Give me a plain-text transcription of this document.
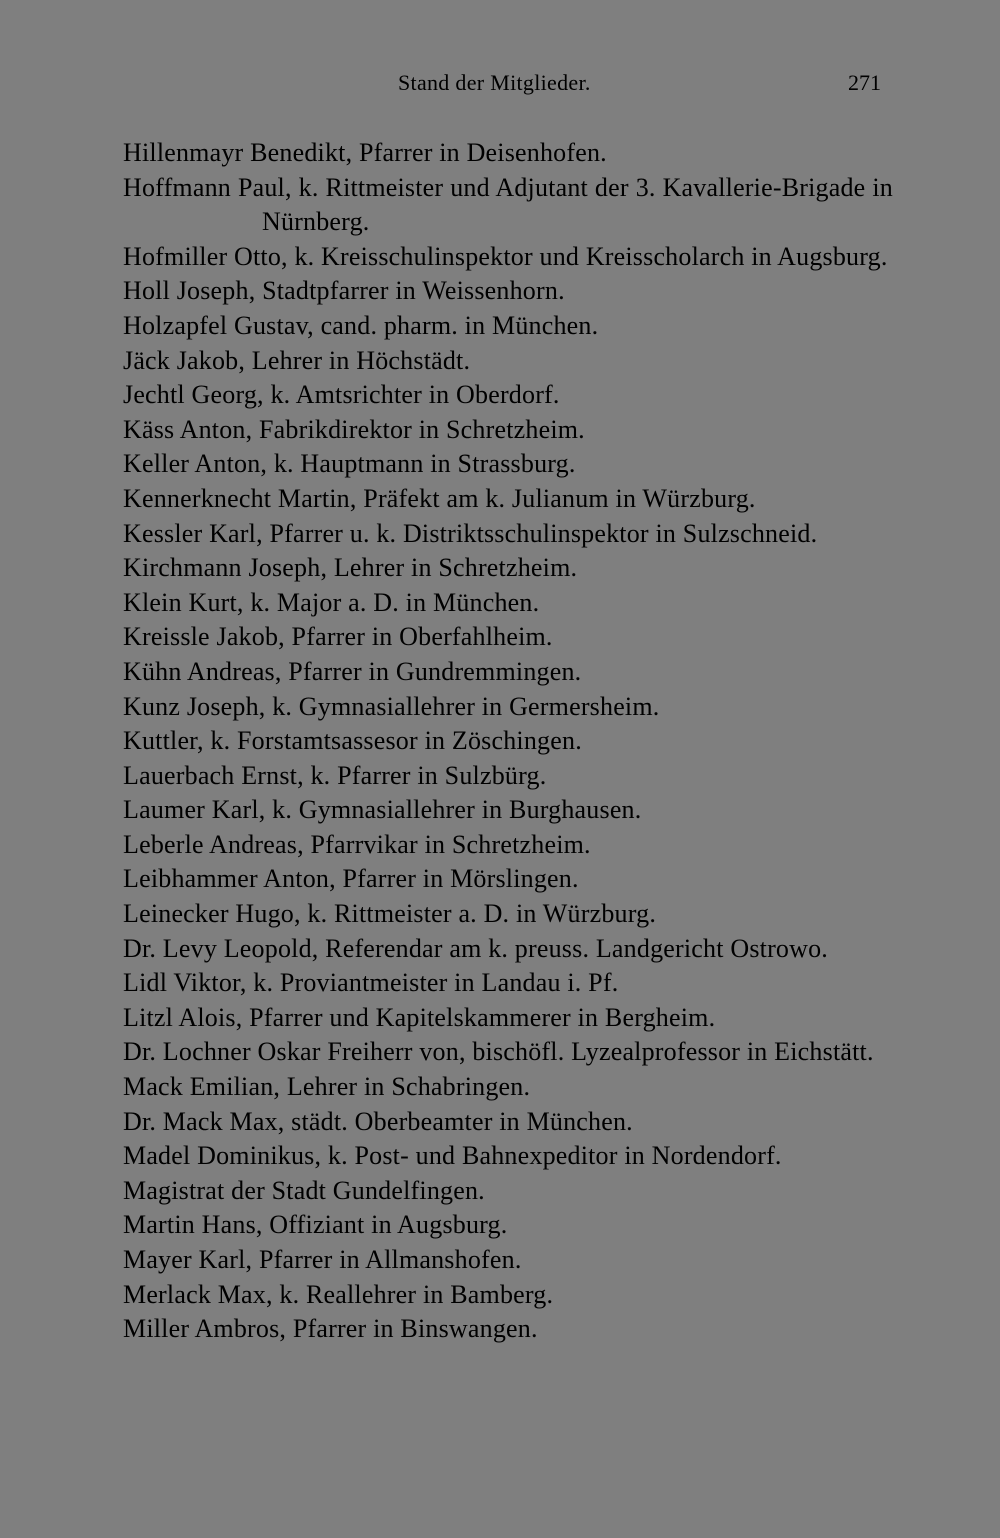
Stand der Mitglieder.	271
Hillenmayr Benedikt, Pfarrer in Deisenhofen.
Hoffmann Paul, k. Rittmeister und Adjutant der 3. Kavallerie-Brigade in Nürnberg.
Hofmiller Otto, k. Kreisschulinspektor und Kreisscholarch in Augsburg.
Holl Joseph, Stadtpfarrer in Weissenhorn.
Holzapfel Gustav, cand. pharm. in München.
Jäck Jakob, Lehrer in Höchstädt.
Jechtl Georg, k. Amtsrichter in Oberdorf.
Käss Anton, Fabrikdirektor in Schretzheim.
Keller Anton, k. Hauptmann in Strassburg.
Kennerknecht Martin, Präfekt am k. Julianum in Würzburg.
Kessler Karl, Pfarrer u. k. Distriktsschulinspektor in Sulzschneid.
Kirchmann Joseph, Lehrer in Schretzheim.
Klein Kurt, k. Major a. D. in München.
Kreissle Jakob, Pfarrer in Oberfahlheim.
Kühn Andreas, Pfarrer in Gundremmingen.
Kunz Joseph, k. Gymnasiallehrer in Germersheim.
Kuttler, k. Forstamtsassesor in Zöschingen.
Lauerbach Ernst, k. Pfarrer in Sulzbürg.
Laumer Karl, k. Gymnasiallehrer in Burghausen.
Leberle Andreas, Pfarrvikar in Schretzheim.
Leibhammer Anton, Pfarrer in Mörslingen.
Leinecker Hugo, k. Rittmeister a. D. in Würzburg.
Dr. Levy Leopold, Referendar am k. preuss. Landgericht Ostrowo.
Lidl Viktor, k. Proviantmeister in Landau i. Pf.
Litzl Alois, Pfarrer und Kapitelskammerer in Bergheim.
Dr. Lochner Oskar Freiherr von, bischöfl. Lyzealprofessor in Eichstätt.
Mack Emilian, Lehrer in Schabringen.
Dr. Mack Max, städt. Oberbeamter in München.
Madel Dominikus, k. Post- und Bahnexpeditor in Nordendorf.
Magistrat der Stadt Gundelfingen.
Martin Hans, Offiziant in Augsburg.
Mayer Karl, Pfarrer in Allmanshofen.
Merlack Max, k. Reallehrer in Bamberg.
Miller Ambros, Pfarrer in Binswangen.
